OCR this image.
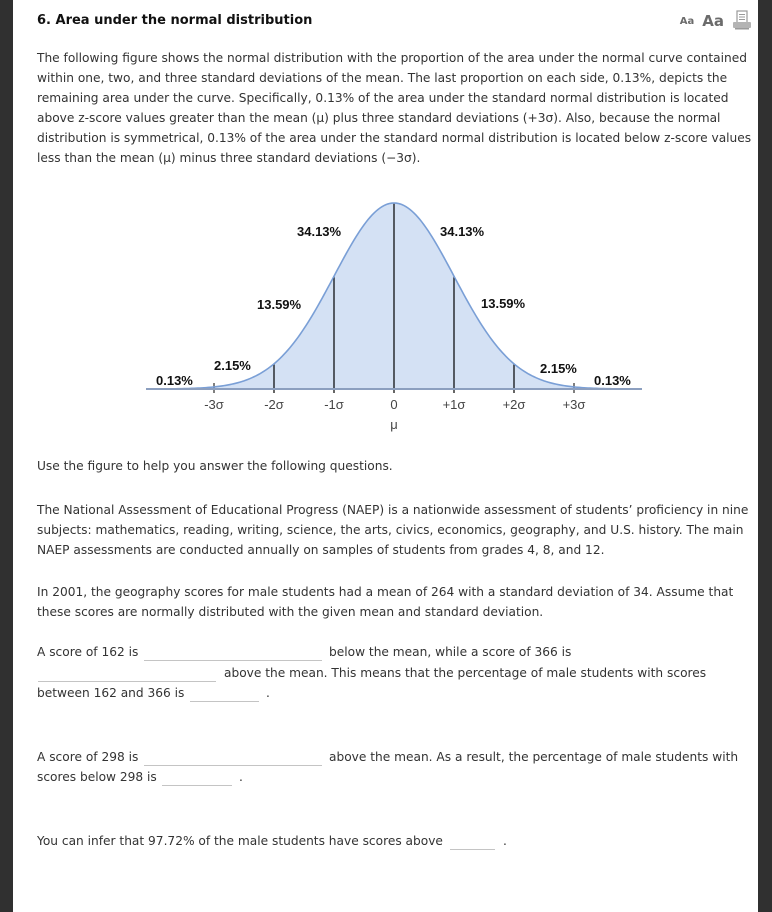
6. Area under the normal distribution	Aa Aa

The following figure shows the normal distribution with the proportion of the area under the normal curve contained within one, two, and three standard deviations of the mean. The last proportion on each side, 0.13%, depicts the remaining area under the curve. Specifically, 0.13% of the area under the standard normal distribution is located above z-score values greater than the mean (μ) plus three standard deviations (+3σ). Also, because the normal distribution is symmetrical, 0.13% of the area under the standard normal distribution is located below z-score values less than the mean (μ) minus three standard deviations (−3σ).

-3σ	-2σ	-1σ	0	+1σ	+2σ	+3σ
μ
0.13%
2.15%
13.59%
34.13%	34.13%
13.59%
2.15%
0.13%

Use the figure to help you answer the following questions.

The National Assessment of Educational Progress (NAEP) is a nationwide assessment of students’ proficiency in nine subjects: mathematics, reading, writing, science, the arts, civics, economics, geography, and U.S. history. The main NAEP assessments are conducted annually on samples of students from grades 4, 8, and 12.

In 2001, the geography scores for male students had a mean of 264 with a standard deviation of 34. Assume that these scores are normally distributed with the given mean and standard deviation.

A score of 162 is	below the mean, while a score of 366 is
above the mean. This means that the percentage of male students with scores
between 162 and 366 is	.
A score of 298 is	above the mean. As a result, the percentage of male students with
scores below 298 is	.
You can infer that 97.72% of the male students have scores above	.
